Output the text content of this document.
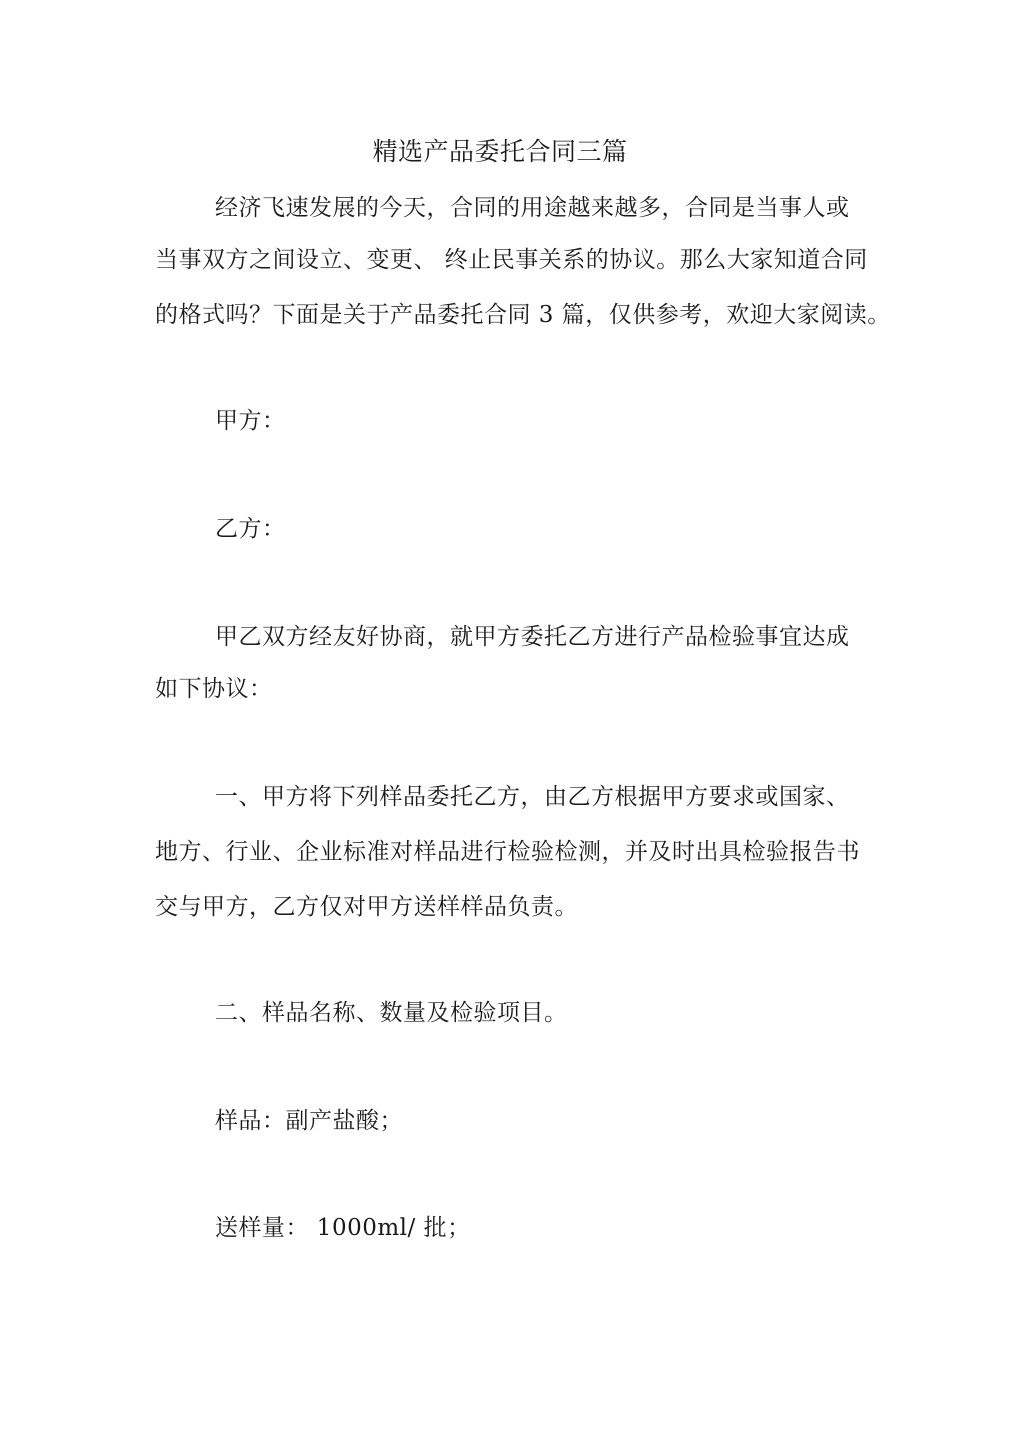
精选产品委托合同三篇
经济飞速发展的今天，合同的用途越来越多，合同是当事人或
当事双方之间设立、变更、 终止民事关系的协议。那么大家知道合同
的格式吗？下面是关于产品委托合同 3 篇，仅供参考，欢迎大家阅读。
甲方：
乙方：
甲乙双方经友好协商，就甲方委托乙方进行产品检验事宜达成
如下协议：
一、甲方将下列样品委托乙方，由乙方根据甲方要求或国家、
地方、行业、企业标准对样品进行检验检测，并及时出具检验报告书
交与甲方，乙方仅对甲方送样样品负责。
二、样品名称、数量及检验项目。
样品：副产盐酸；
送样量： 1000ml/ 批；
